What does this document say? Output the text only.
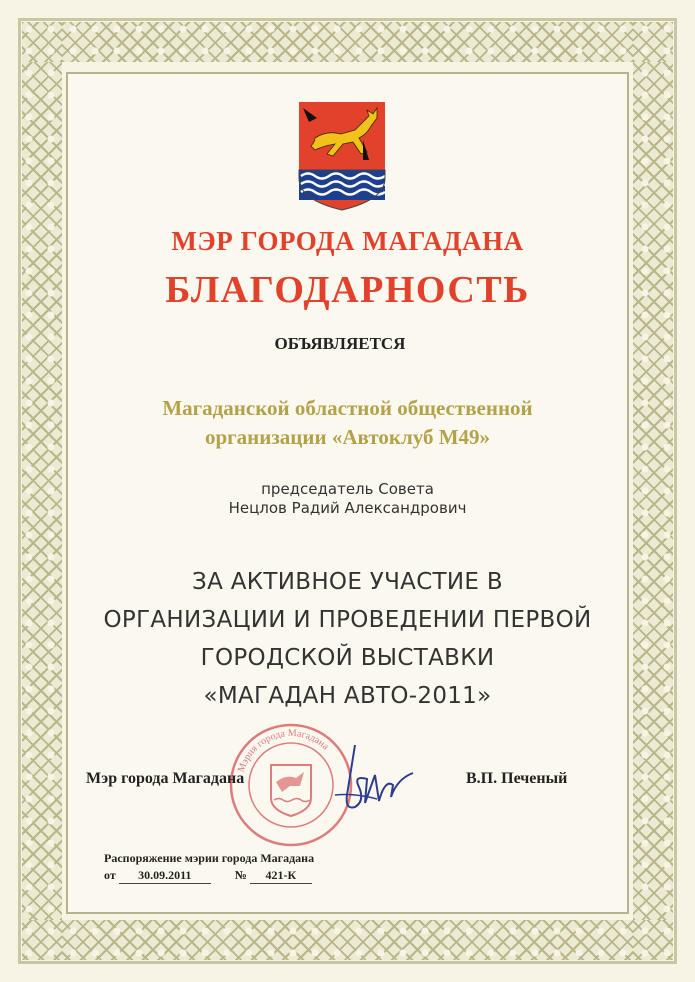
МЭР ГОРОДА МАГАДАНА
БЛАГОДАРНОСТЬ
ОБЪЯВЛЯЕТСЯ
Магаданской областной общественной
организации «Автоклуб М49»
председатель Совета
Нецлов Радий Александрович
ЗА АКТИВНОЕ УЧАСТИЕ В
ОРГАНИЗАЦИИ И ПРОВЕДЕНИИ ПЕРВОЙ
ГОРОДСКОЙ ВЫСТАВКИ
«МАГАДАН АВТО-2011»
Мэрия города Магадана
Мэр города Магадана	В.П. Печеный
Распоряжение мэрии города Магадана
от 30.09.2011	№ 421-К
